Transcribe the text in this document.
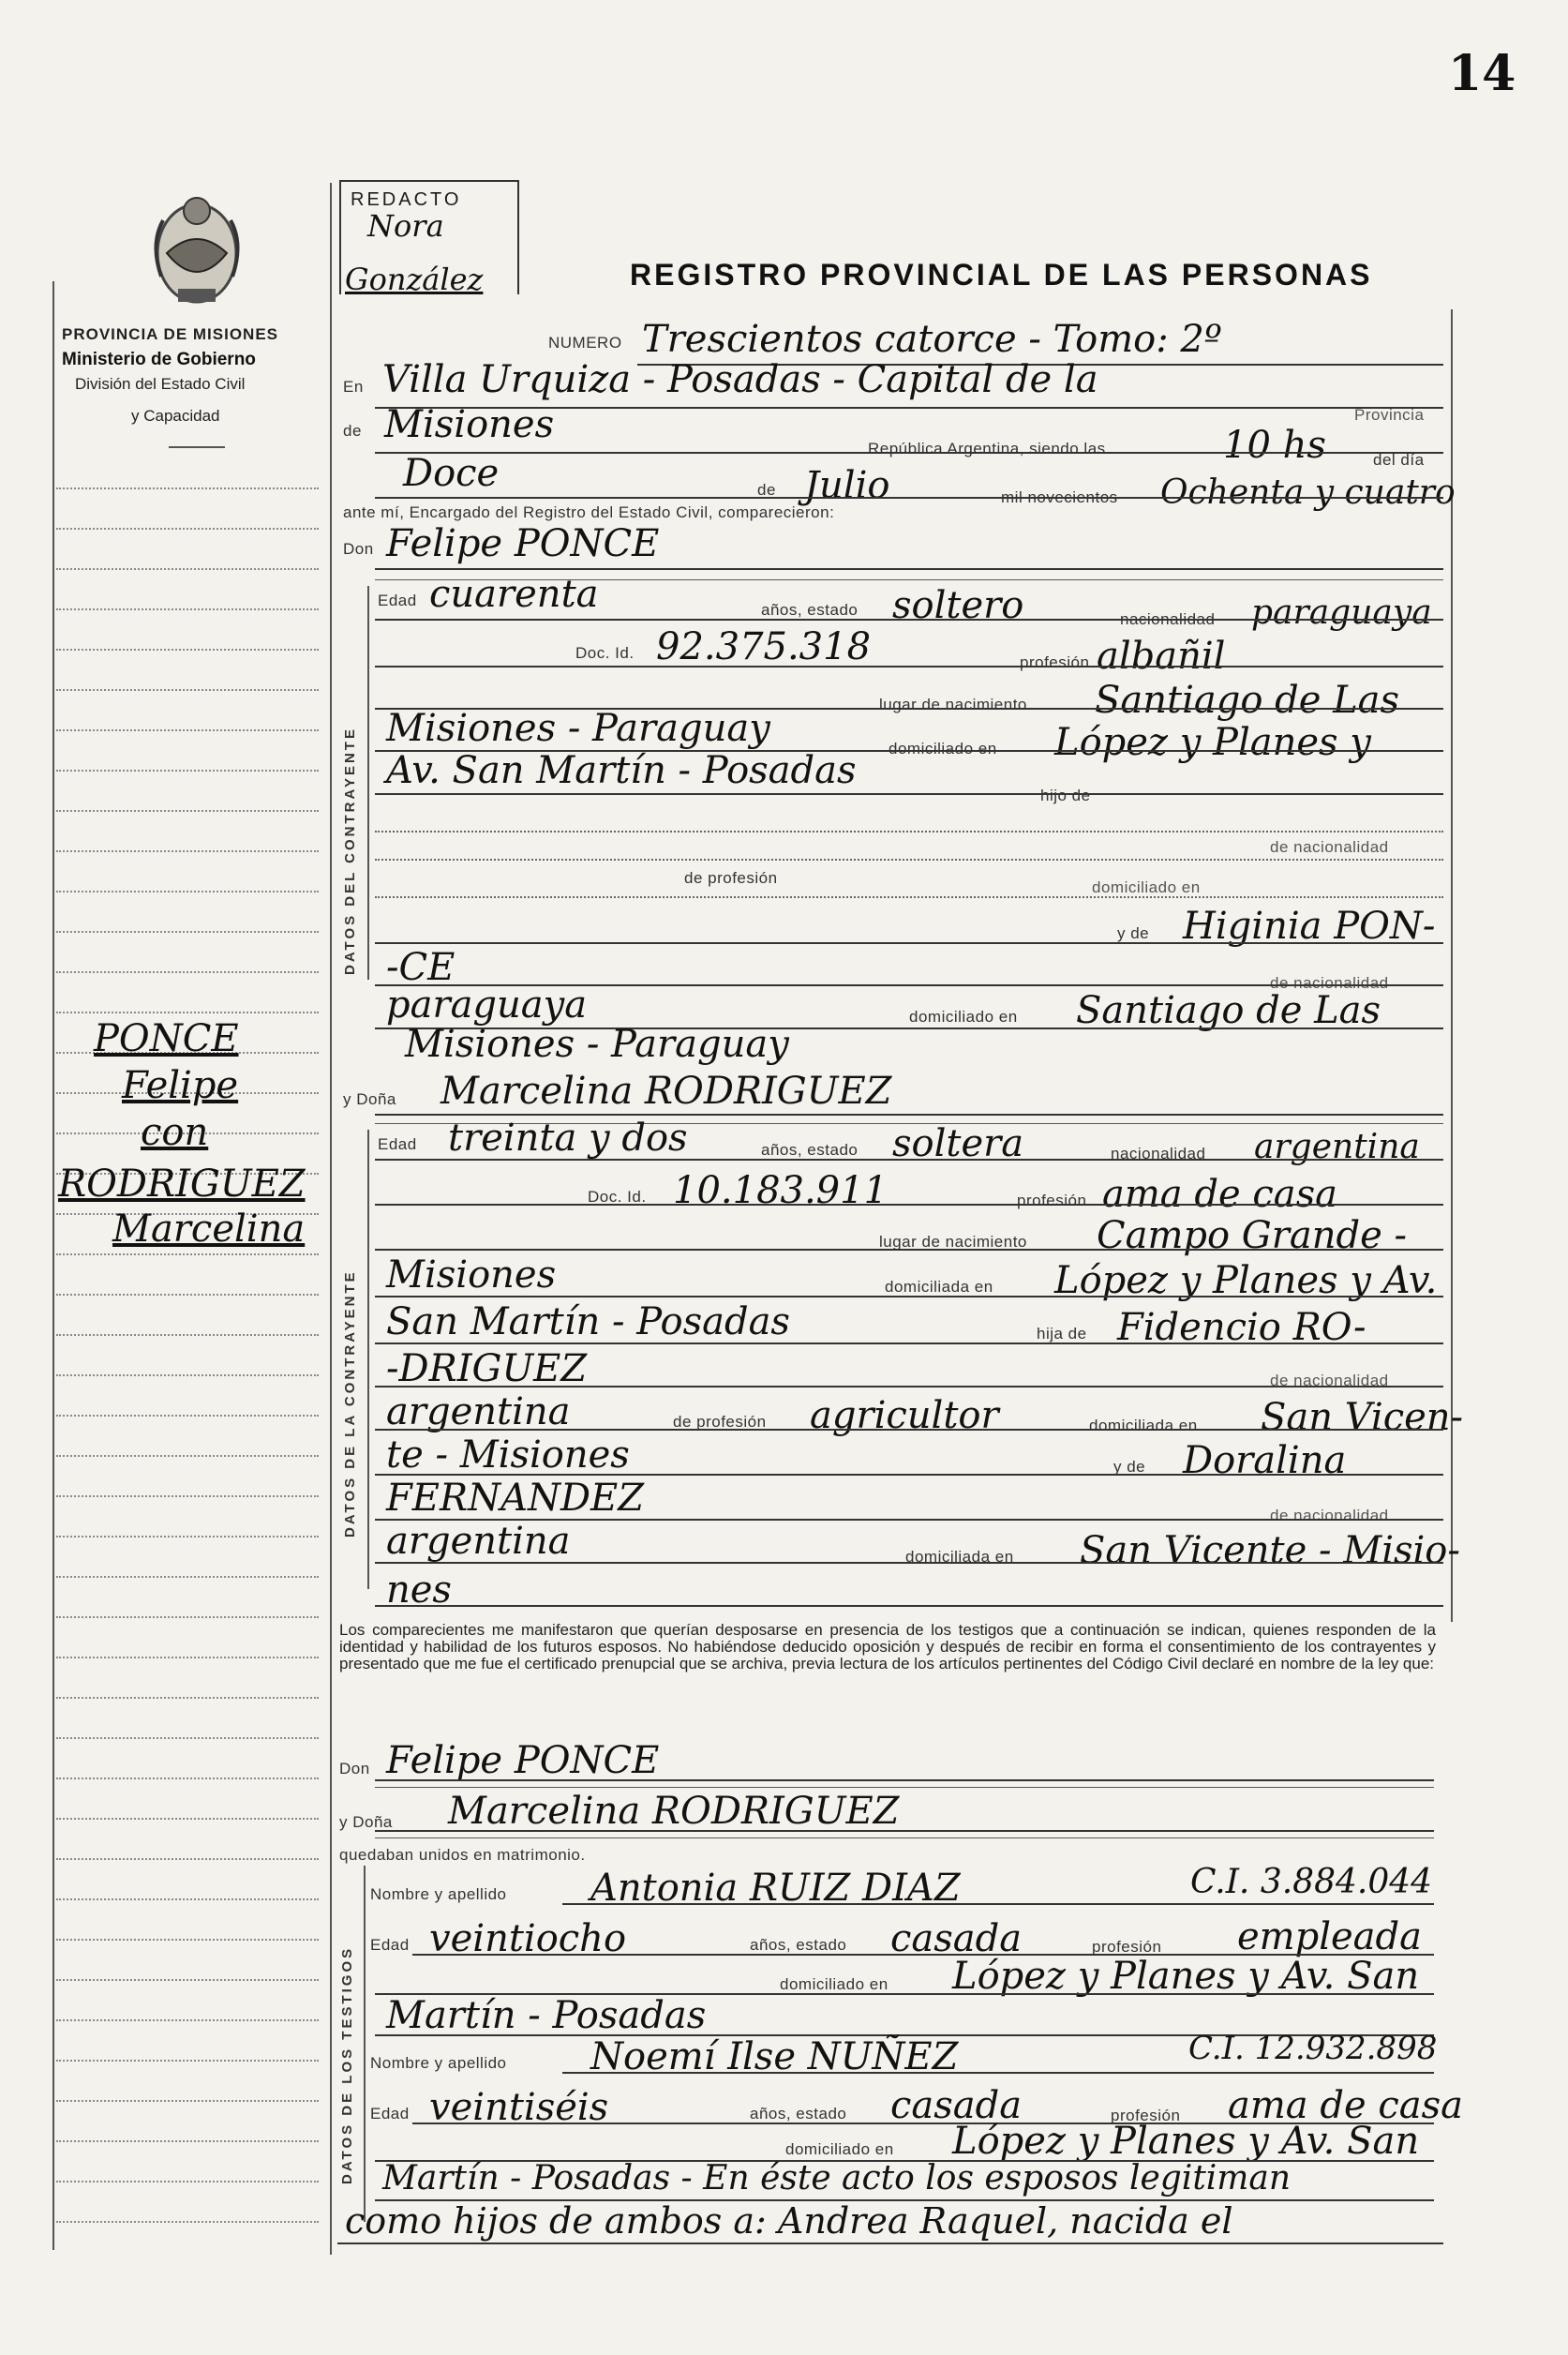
14
PROVINCIA DE MISIONES
Ministerio de Gobierno
División del Estado Civil
y Capacidad
REDACTO
Nora
González	REGISTRO PROVINCIAL DE LAS PERSONAS
NUMERO Trescientos catorce - Tomo: 2º
En Villa Urquiza - Posadas - Capital de la
Provincia
de Misiones
República Argentina, siendo las	10 hs	del día
Doce	de Julio	mil novecientos Ochenta y cuatro
ante mí, Encargado del Registro del Estado Civil, comparecieron:
Don Felipe PONCE
DATOS DEL CONTRAYENTE
Edad cuarenta	años, estado soltero	nacionalidad paraguaya
Doc. Id. 92.375.318	profesión albañil
lugar de nacimiento Santiago de Las
Misiones - Paraguay	domiciliado en López y Planes y
Av. San Martín - Posadas
hijo de
de nacionalidad
de profesión
domiciliado en
y de Higinia PON-
-CE	de nacionalidad
paraguaya	domiciliado en Santiago de Las
Misiones - Paraguay
y Doña Marcelina RODRIGUEZ
DATOS DE LA CONTRAYENTE
Edad treinta y dos	años, estado soltera	nacionalidad argentina
Doc. Id. 10.183.911	profesión ama de casa
lugar de nacimiento Campo Grande -
Misiones	domiciliada en López y Planes y Av.
San Martín - Posadas	hija de Fidencio RO-
-DRIGUEZ	de nacionalidad
argentina	de profesión agricultor	domiciliada en San Vicen-
te - Misiones	y de Doralina
FERNANDEZ	de nacionalidad
argentina	domiciliada en San Vicente - Misio-
nes
Los comparecientes me manifestaron que querían desposarse en presencia de los testigos que a continuación se indican, quienes responden de la identidad y habilidad de los futuros esposos. No habiéndose deducido oposición y después de recibir en forma el consentimiento de los contrayentes y presentado que me fue el certificado prenupcial que se archiva, previa lectura de los artículos pertinentes del Código Civil declaré en nombre de la ley que:
Don Felipe PONCE
y Doña Marcelina RODRIGUEZ
quedaban unidos en matrimonio.
DATOS DE LOS TESTIGOS
Nombre y apellido Antonia RUIZ DIAZ	C.I. 3.884.044
Edad veintiocho	años, estado casada	profesión empleada
domiciliado en López y Planes y Av. San
Martín - Posadas
Nombre y apellido Noemí Ilse NUÑEZ	C.I. 12.932.898
Edad veintiséis	años, estado casada	profesión ama de casa
domiciliado en López y Planes y Av. San
Martín - Posadas - En éste acto los esposos legitiman
como hijos de ambos a: Andrea Raquel, nacida el
PONCE
Felipe
con
RODRIGUEZ
Marcelina
